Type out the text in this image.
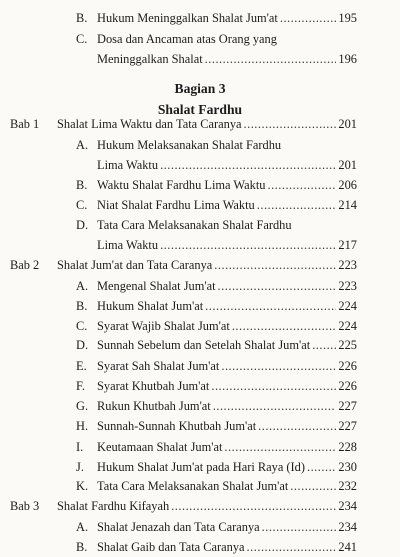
Bagian 3
Shalat Fardhu
B. Hukum Meninggalkan Shalat Jum'at .....	195
C. Dosa dan Ancaman atas Orang yang
Meninggalkan Shalat .....	196
Bab 1 Shalat Lima Waktu dan Tata Caranya .....	201
A. Hukum Melaksanakan Shalat Fardhu
Lima Waktu .....	201
B. Waktu Shalat Fardhu Lima Waktu .....	206
C. Niat Shalat Fardhu Lima Waktu .....	214
D. Tata Cara Melaksanakan Shalat Fardhu
Lima Waktu .....	217
Bab 2 Shalat Jum'at dan Tata Caranya .....	223
A. Mengenal Shalat Jum'at .....	223
B. Hukum Shalat Jum'at .....	224
C. Syarat Wajib Shalat Jum'at .....	224
D. Sunnah Sebelum dan Setelah Shalat Jum'at ..... 225
E. Syarat Sah Shalat Jum'at .....	226
F. Syarat Khutbah Jum'at .....	226
G. Rukun Khutbah Jum'at .....	227
H. Sunnah-Sunnah Khutbah Jum'at .....	227
I. Keutamaan Shalat Jum'at .....	228
J. Hukum Shalat Jum'at pada Hari Raya (Id) .....	230
K. Tata Cara Melaksanakan Shalat Jum'at .....	232
Bab 3 Shalat Fardhu Kifayah .....	234
A. Shalat Jenazah dan Tata Caranya .....	234
B. Shalat Gaib dan Tata Caranya .....	241
